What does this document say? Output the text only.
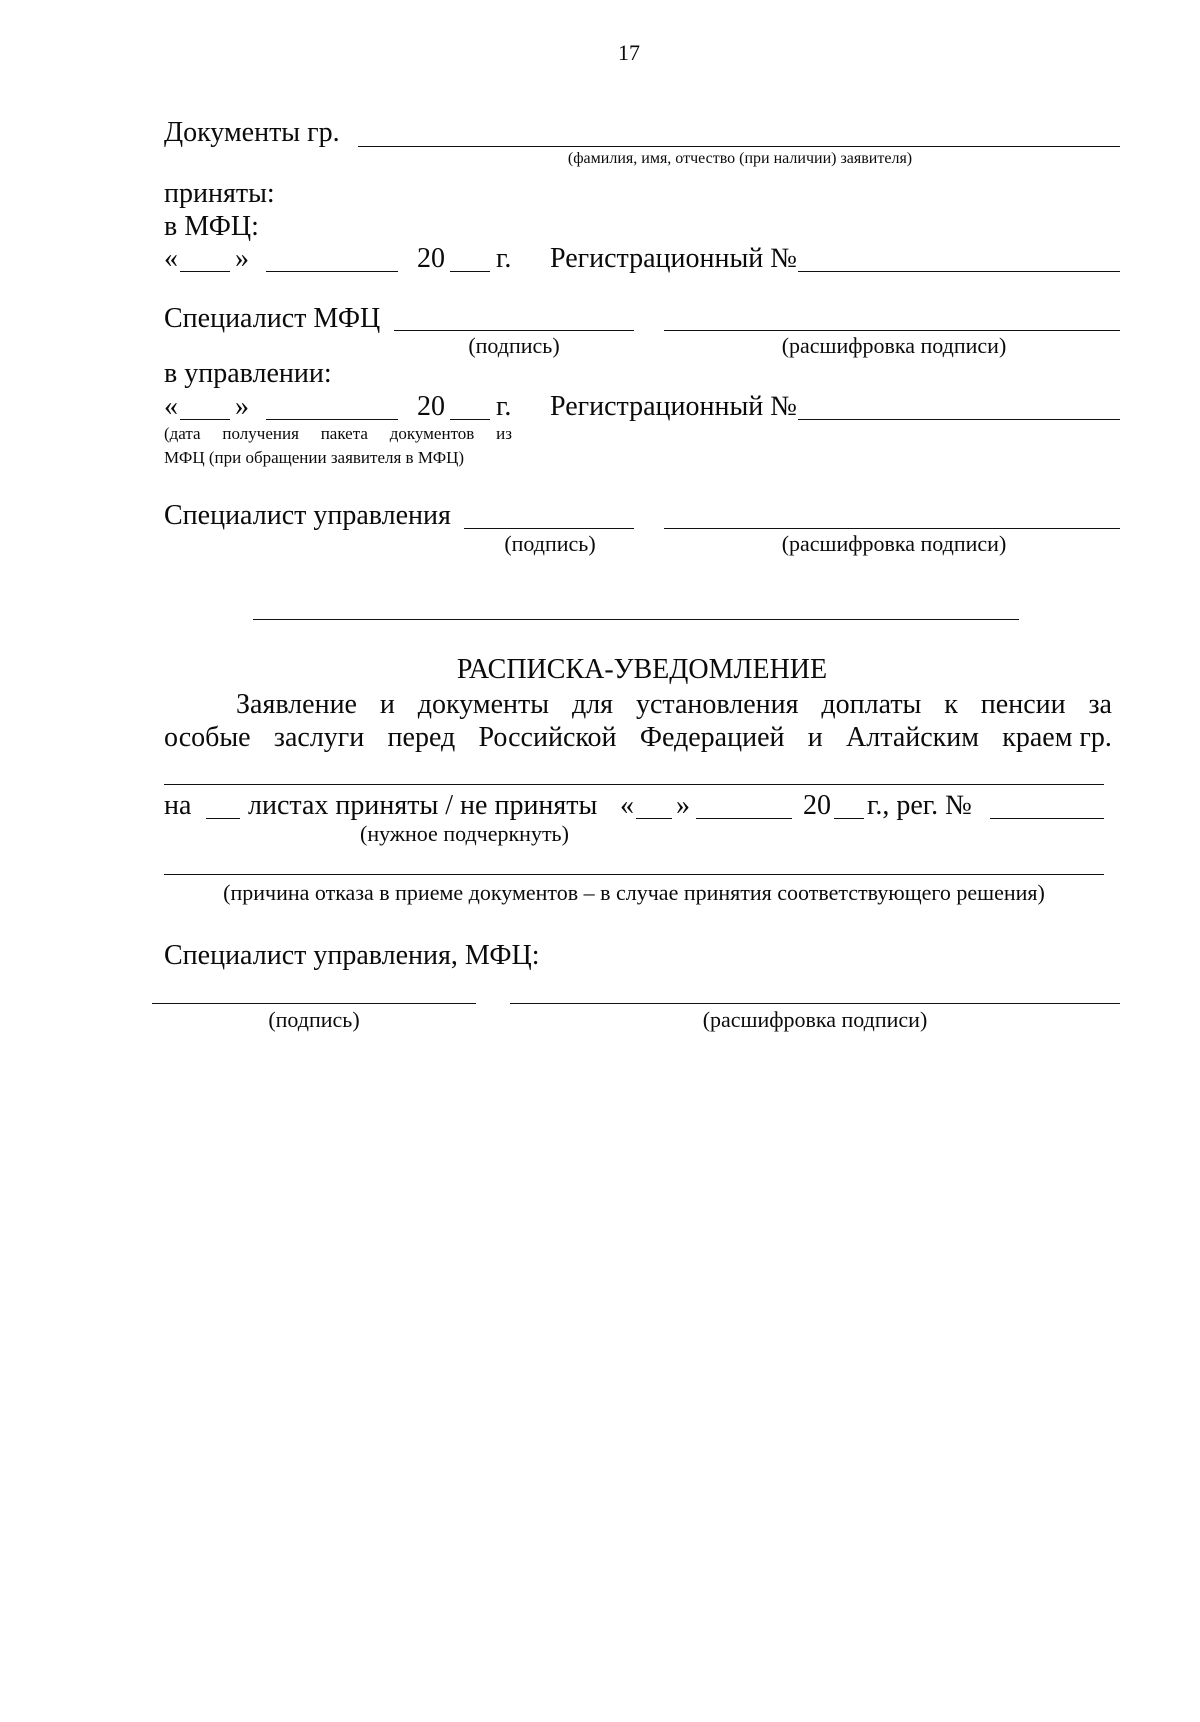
17
Документы гр.
(фамилия, имя, отчество (при наличии) заявителя)
приняты:
в МФЦ:
« »	20 г. Регистрационный №
Специалист МФЦ
(подпись)	(расшифровка подписи)
в управлении:
« »	20 г. Регистрационный №
(дата получения пакета документов из
МФЦ (при обращении заявителя в МФЦ)
Специалист управления
(подпись)	(расшифровка подписи)
РАСПИСКА-УВЕДОМЛЕНИЕ
Заявление и документы для установления доплаты к пенсии за
особые заслуги перед Российской Федерацией и Алтайским краем гр.
на листах приняты / не приняты « »	20 г., рег. №
(нужное подчеркнуть)
(причина отказа в приеме документов – в случае принятия соответствующего решения)
Специалист управления, МФЦ:
(подпись)	(расшифровка подписи)
